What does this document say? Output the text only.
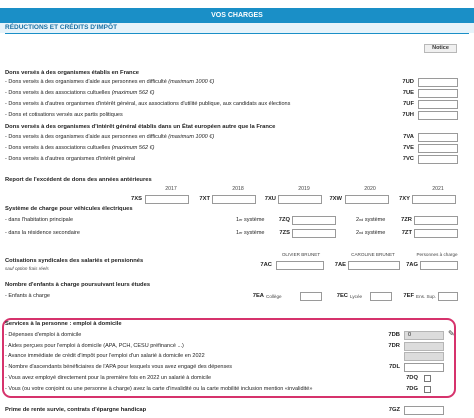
VOS CHARGES
RÉDUCTIONS ET CRÉDITS D'IMPÔT
Notice
Dons versés à des organismes établis en France
- Dons versés à des organismes d'aide aux personnes en difficulté (maximum 1000 €)	7UD
- Dons versés à des associations cultuelles (maximum 562 €)	7UE
- Dons versés à d'autres organismes d'intérêt général, aux associations d'utilité publique, aux candidats aux élections	7UF
- Dons et cotisations versés aux partis politiques	7UH
Dons versés à des organismes d'intérêt général établis dans un État européen autre que la France
- Dons versés à des organismes d'aide aux personnes en difficulté (maximum 1000 €)	7VA
- Dons versés à des associations cultuelles (maximum 562 €)	7VE
- Dons versés à d'autres organismes d'intérêt général	7VC
Report de l'excédent de dons des années antérieures
2017	2018	2019	2020	2021
7XS	7XT	7XU	7XW	7XY
Système de charge pour véhicules électriques
- dans l'habitation principale	1er système	7ZQ	2nd système	7ZR
- dans la résidence secondaire	1er système	7ZS	2nd système	7ZT
OLIVIER BRUNET	CAROLINE BRUNET	Personnes à charge
Cotisations syndicales des salariés et pensionnés
sauf option frais réels
7AC	7AE	7AG
Nombre d'enfants à charge poursuivant leurs études
- Enfants à charge	7EA Collège	7EC Lycée	7EF Ens. Sup.
Services à la personne : emploi à domicile
- Dépenses d'emploi à domicile	7DB	0	✎
- Aides perçues pour l'emploi à domicile (APA, PCH, CESU préfinancé ...)	7DR
- Avance immédiate de crédit d'impôt pour l'emploi d'un salarié à domicile en 2022
- Nombre d'ascendants bénéficiaires de l'APA pour lesquels vous avez engagé des dépenses	7DL
- Vous avez employé directement pour la première fois en 2022 un salarié à domicile	7DQ
- Vous (ou votre conjoint ou une personne à charge) avez la carte d'invalidité ou la carte mobilité inclusion mention «invalidité»	7DG
Prime de rente survie, contrats d'épargne handicap	7GZ
